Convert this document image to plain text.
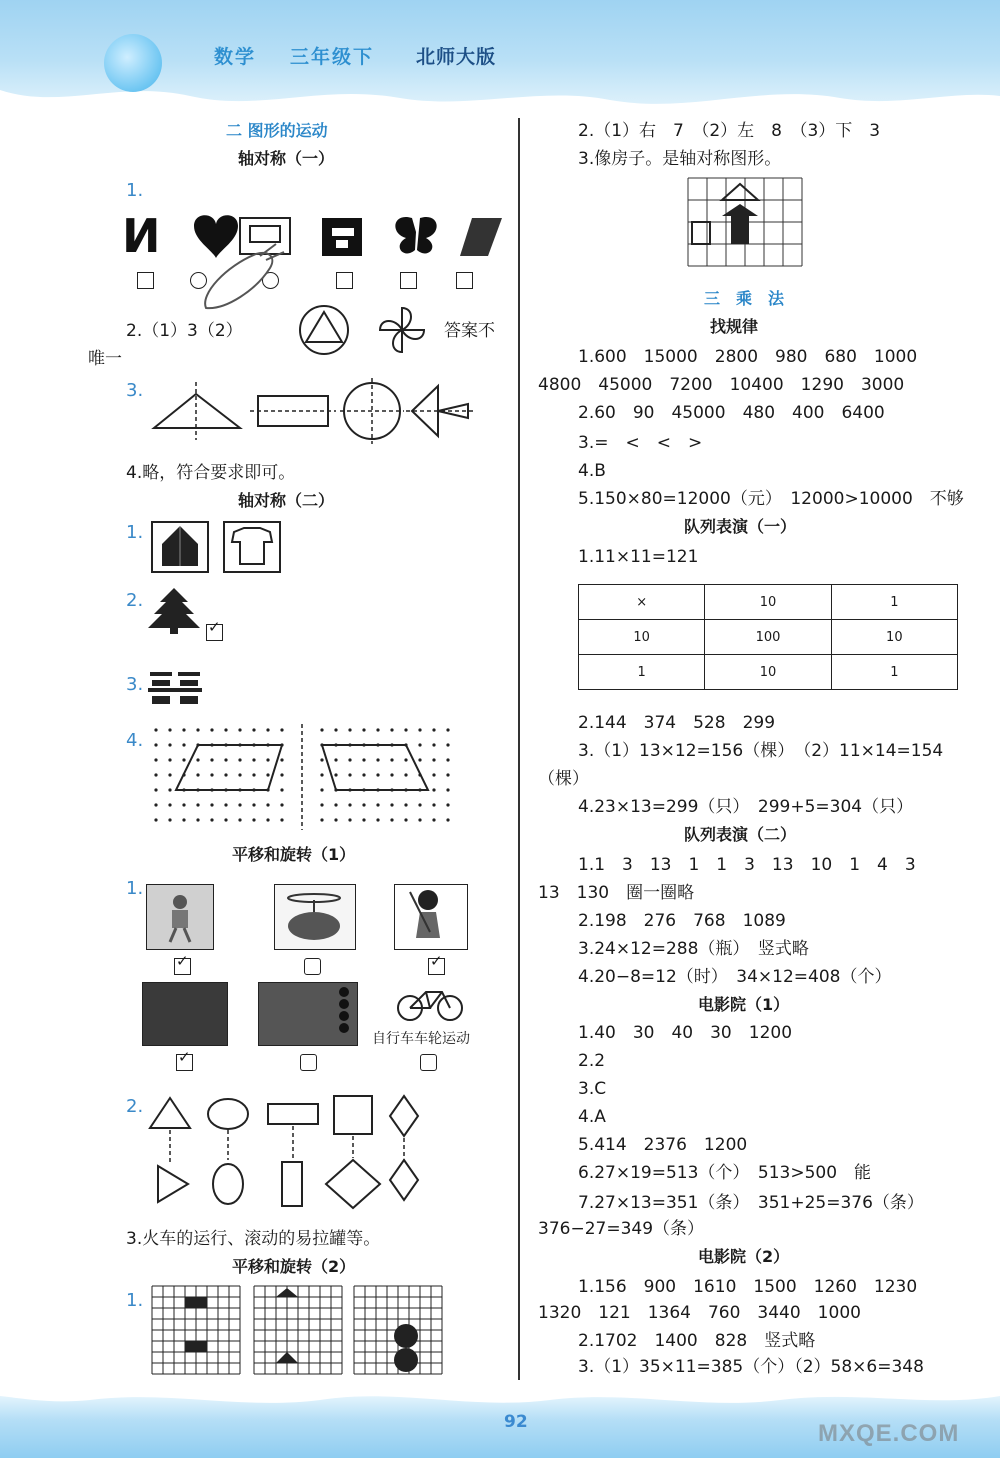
数学 三年级下 北师大版
二 图形的运动
轴对称（一）
1.
И
2.（1）3（2）	答案不
唯一
3.
4.略，符合要求即可。
轴对称（二）
1.
2.
✓
3.
4.
平移和旋转（1）
1.
✓	✓
自行车车轮运动
✓
2.
3.火车的运行、滚动的易拉罐等。
平移和旋转（2）
1.
2.（1）右　7　（2）左　8　（3）下　3
3.像房子。是轴对称图形。
三　乘　法
找规律
1.600　15000　2800　980　680　1000
4800　45000　7200　10400　1290　3000
2.60　90　45000　480　400　6400
3.=　<　<　>
4.B
5.150×80=12000（元）　12000>10000　不够
队列表演（一）
1.11×11=121
×	10	1
10	100	10
1	10	1
2.144　374　528　299
3.（1）13×12=156（棵）　（2）11×14=154
（棵）
4.23×13=299（只）　299+5=304（只）
队列表演（二）
1.1　3　13　1　1　3　13　10　1　4　3
13　130　圈一圈略
2.198　276　768　1089
3.24×12=288（瓶）　竖式略
4.20−8=12（时）　34×12=408（个）
电影院（1）
1.40　30　40　30　1200
2.2
3.C
4.A
5.414　2376　1200
6.27×19=513（个）　513>500　能
7.27×13=351（条）　351+25=376（条）
376−27=349（条）
电影院（2）
1.156　900　1610　1500　1260　1230
1320　121　1364　760　3440　1000
2.1702　1400　828　竖式略
3.（1）35×11=385（个）（2）58×6=348
92	MXQE.COM
